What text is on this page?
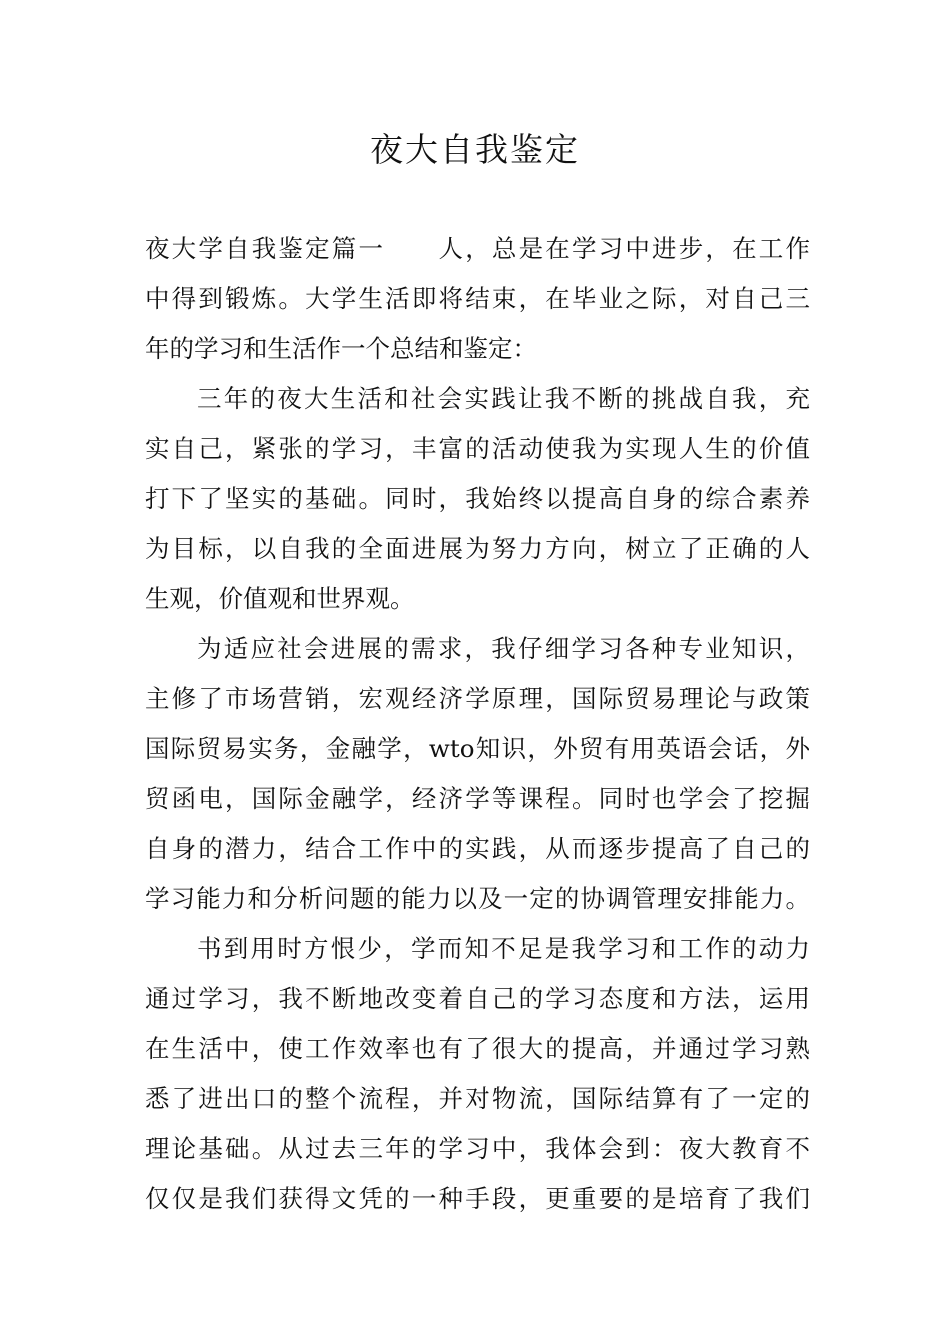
夜大自我鉴定
夜大学自我鉴定篇一　　人，总是在学习中进步，在工作
中得到锻炼。大学生活即将结束，在毕业之际，对自己三
年的学习和生活作一个总结和鉴定：
三年的夜大生活和社会实践让我不断的挑战自我，充
实自己，紧张的学习，丰富的活动使我为实现人生的价值
打下了坚实的基础。同时，我始终以提高自身的综合素养
为目标，以自我的全面进展为努力方向，树立了正确的人
生观，价值观和世界观。
为适应社会进展的需求，我仔细学习各种专业知识，
主修了市场营销，宏观经济学原理，国际贸易理论与政策
国际贸易实务，金融学，wto知识，外贸有用英语会话，外
贸函电，国际金融学，经济学等课程。同时也学会了挖掘
自身的潜力，结合工作中的实践，从而逐步提高了自己的
学习能力和分析问题的能力以及一定的协调管理安排能力。
书到用时方恨少，学而知不足是我学习和工作的动力
通过学习，我不断地改变着自己的学习态度和方法，运用
在生活中，使工作效率也有了很大的提高，并通过学习熟
悉了进出口的整个流程，并对物流，国际结算有了一定的
理论基础。从过去三年的学习中，我体会到：夜大教育不
仅仅是我们获得文凭的一种手段，更重要的是培育了我们
